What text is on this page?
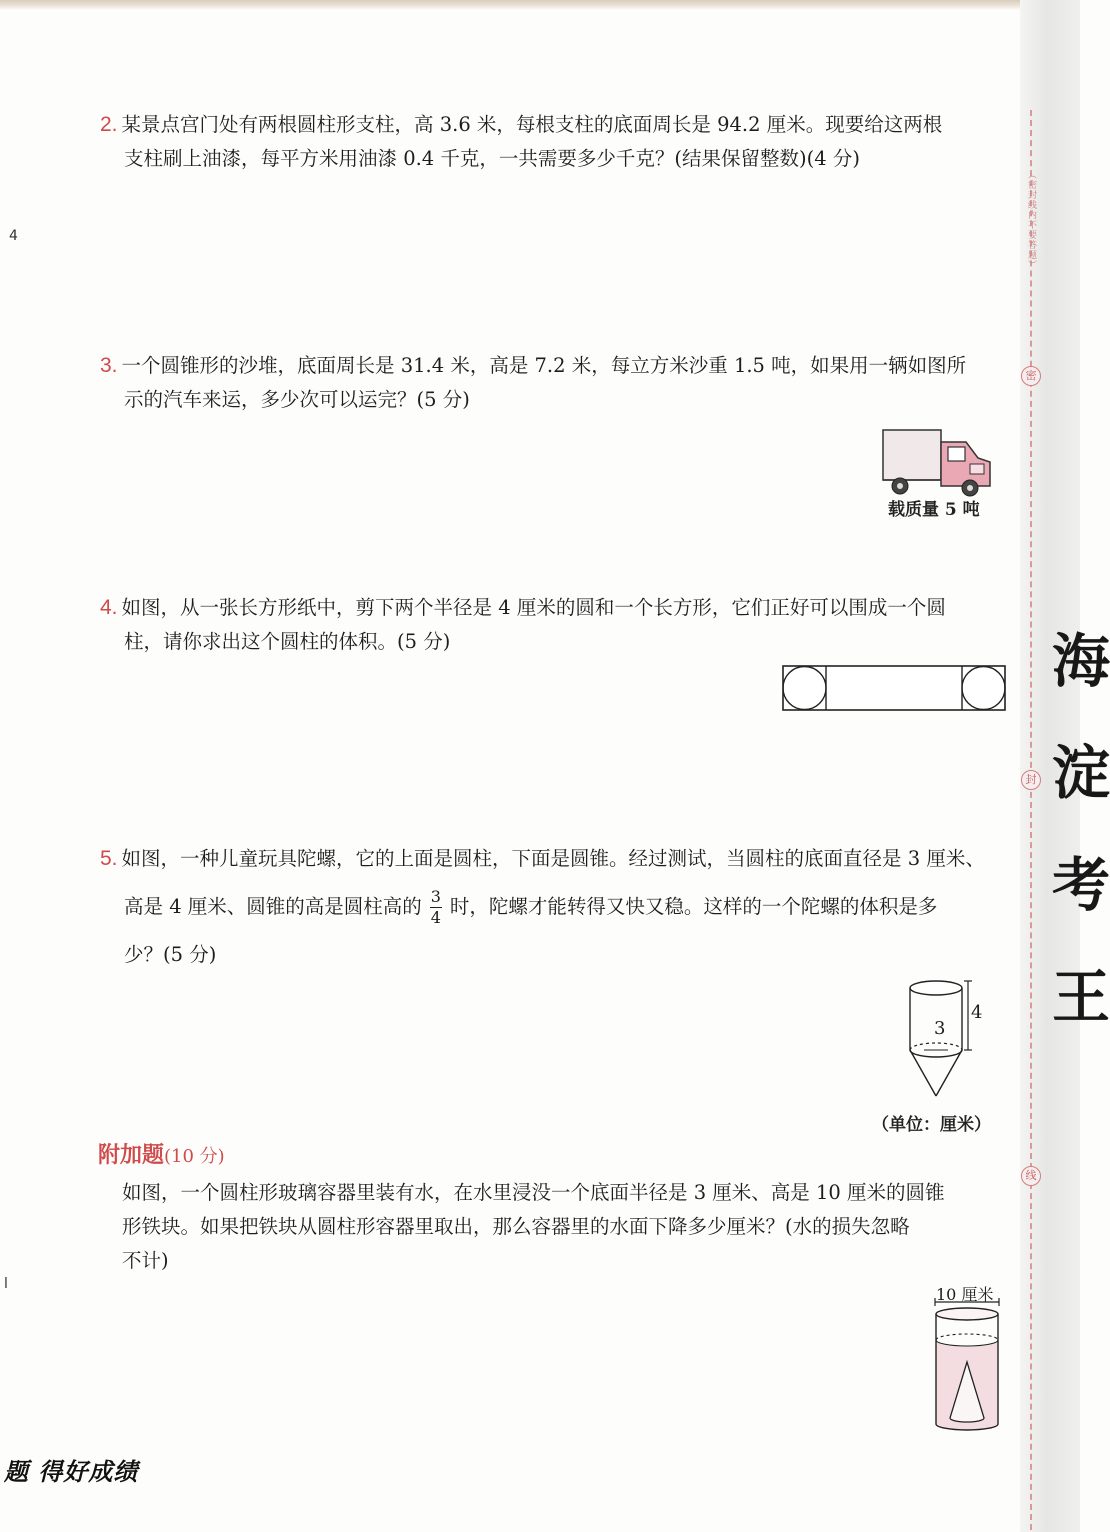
（密封线内不要答题）
密
封
线
海
淀
考
王
4
l
2. 某景点宫门处有两根圆柱形支柱，高 3.6 米，每根支柱的底面周长是 94.2 厘米。现要给这两根
支柱刷上油漆，每平方米用油漆 0.4 千克，一共需要多少千克？(结果保留整数)(4 分)
3. 一个圆锥形的沙堆，底面周长是 31.4 米，高是 7.2 米，每立方米沙重 1.5 吨，如果用一辆如图所
示的汽车来运，多少次可以运完？(5 分)
载质量 5 吨
4. 如图，从一张长方形纸中，剪下两个半径是 4 厘米的圆和一个长方形，它们正好可以围成一个圆
柱，请你求出这个圆柱的体积。(5 分)
5. 如图，一种儿童玩具陀螺，它的上面是圆柱，下面是圆锥。经过测试，当圆柱的底面直径是 3 厘米、
高是 4 厘米、圆锥的高是圆柱高的 $\frac{3}{4}$ 时，陀螺才能转得又快又稳。这样的一个陀螺的体积是多
少？(5 分)
3
4
（单位：厘米）
附加题(10 分)
如图，一个圆柱形玻璃容器里装有水，在水里浸没一个底面半径是 3 厘米、高是 10 厘米的圆锥
形铁块。如果把铁块从圆柱形容器里取出，那么容器里的水面下降多少厘米？(水的损失忽略
不计)
10 厘米
题 得好成绩
